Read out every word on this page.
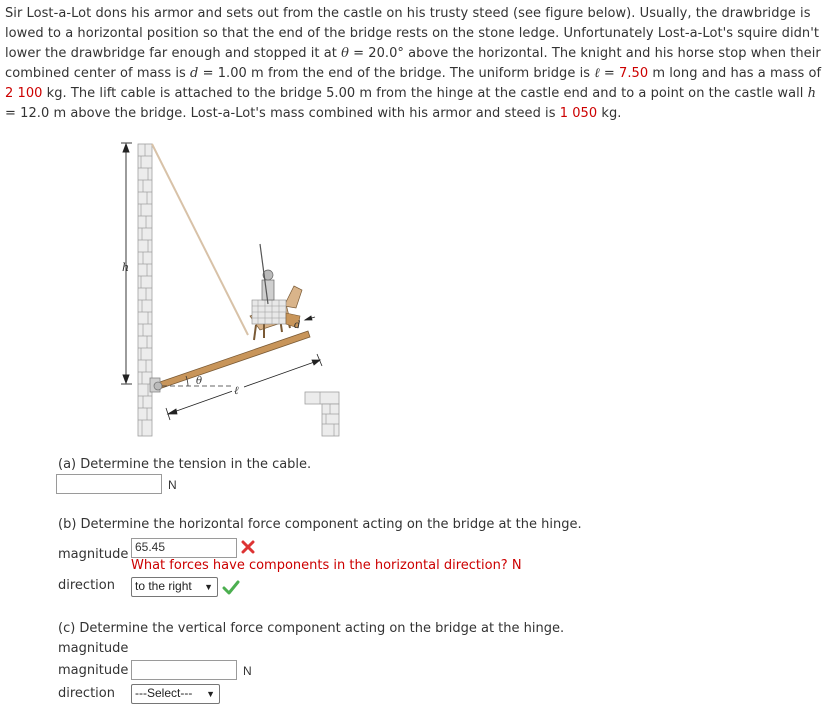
Sir Lost-a-Lot dons his armor and sets out from the castle on his trusty steed (see figure below). Usually, the drawbridge is lowed to a horizontal position so that the end of the bridge rests on the stone ledge. Unfortunately Lost-a-Lot's squire didn't lower the drawbridge far enough and stopped it at θ = 20.0° above the horizontal. The knight and his horse stop when their combined center of mass is d = 1.00 m from the end of the bridge. The uniform bridge is ℓ = 7.50 m long and has a mass of 2 100 kg. The lift cable is attached to the bridge 5.00 m from the hinge at the castle end and to a point on the castle wall h = 12.0 m above the bridge. Lost-a-Lot's mass combined with his armor and steed is 1 050 kg.
h
θ
d
ℓ
(a) Determine the tension in the cable.
N
(b) Determine the horizontal force component acting on the bridge at the hinge.
magnitude 65.45
What forces have components in the horizontal direction? N
direction	to the right ▼
(c) Determine the vertical force component acting on the bridge at the hinge.
magnitude
magnitude	N
direction	---Select--- ▼
